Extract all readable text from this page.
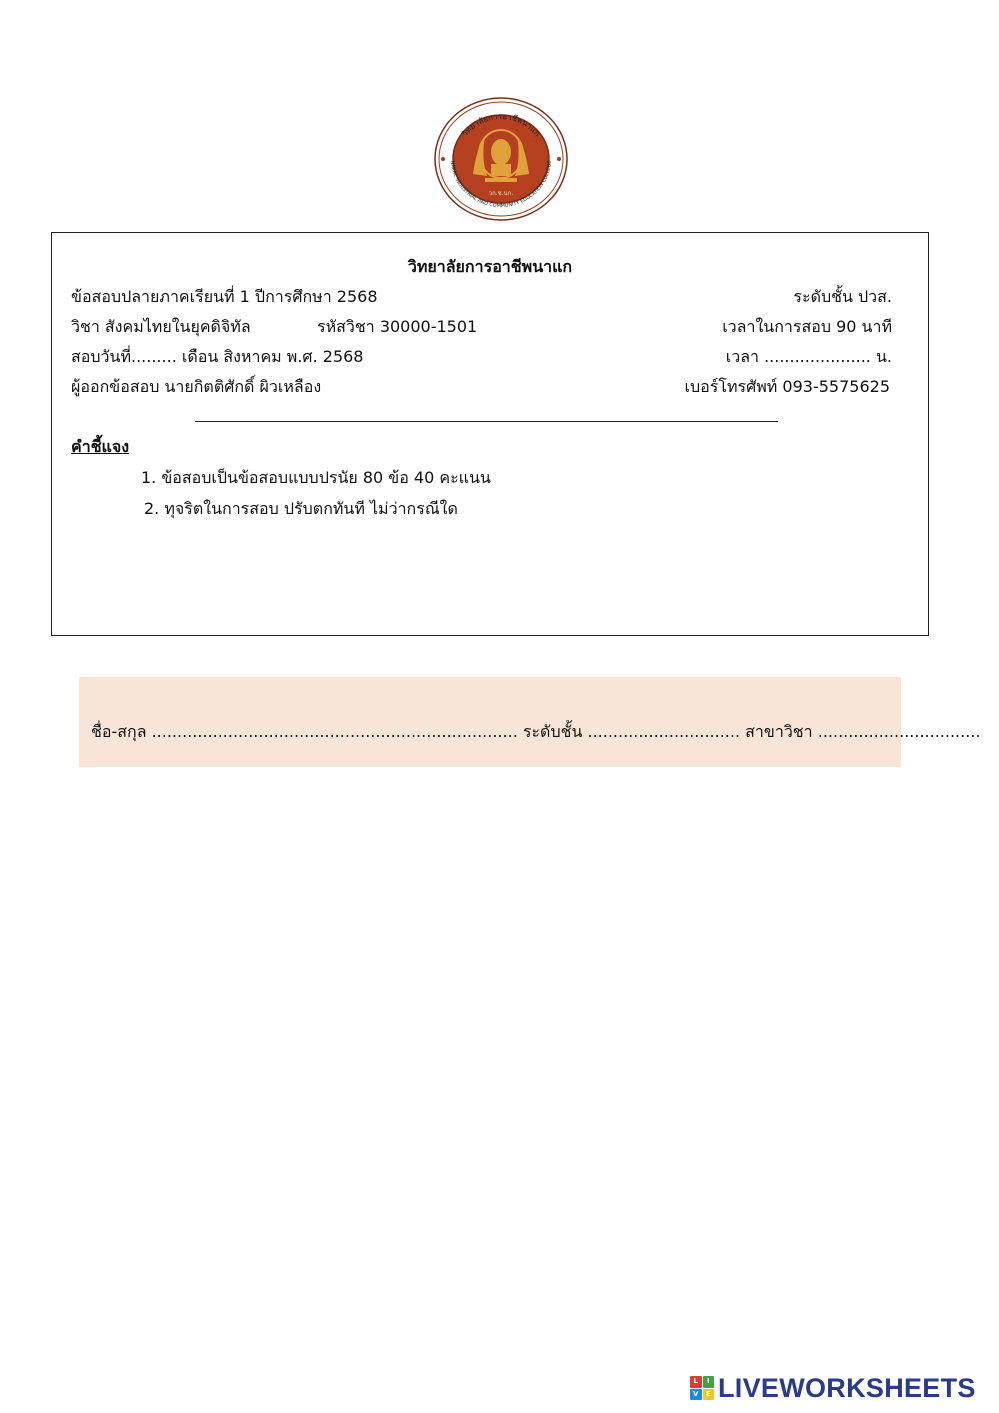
วิทยาลัยการอาชีพนาแก
NAKAE INDUSTRIAL AND COMMUNITY EDUCATION COLLEGE
วก.ช.นก.
วิทยาลัยการอาชีพนาแก
ข้อสอบปลายภาคเรียนที่ 1 ปีการศึกษา 2568	ระดับชั้น ปวส.
วิชา สังคมไทยในยุคดิจิทัล	รหัสวิชา 30000-1501	เวลาในการสอบ 90 นาที
สอบวันที่......... เดือน สิงหาคม พ.ศ. 2568	เวลา ..................... น.
ผู้ออกข้อสอบ นายกิตติศักดิ์ ผิวเหลือง	เบอร์โทรศัพท์ 093-5575625
คำชี้แจง
1. ข้อสอบเป็นข้อสอบแบบปรนัย 80 ข้อ 40 คะแนน
2. ทุจริตในการสอบ ปรับตกทันที ไม่ว่ากรณีใด
ชื่อ-สกุล ........................................................................ ระดับชั้น .............................. สาขาวิชา ................................
L	I
V	E LIVEWORKSHEETS
